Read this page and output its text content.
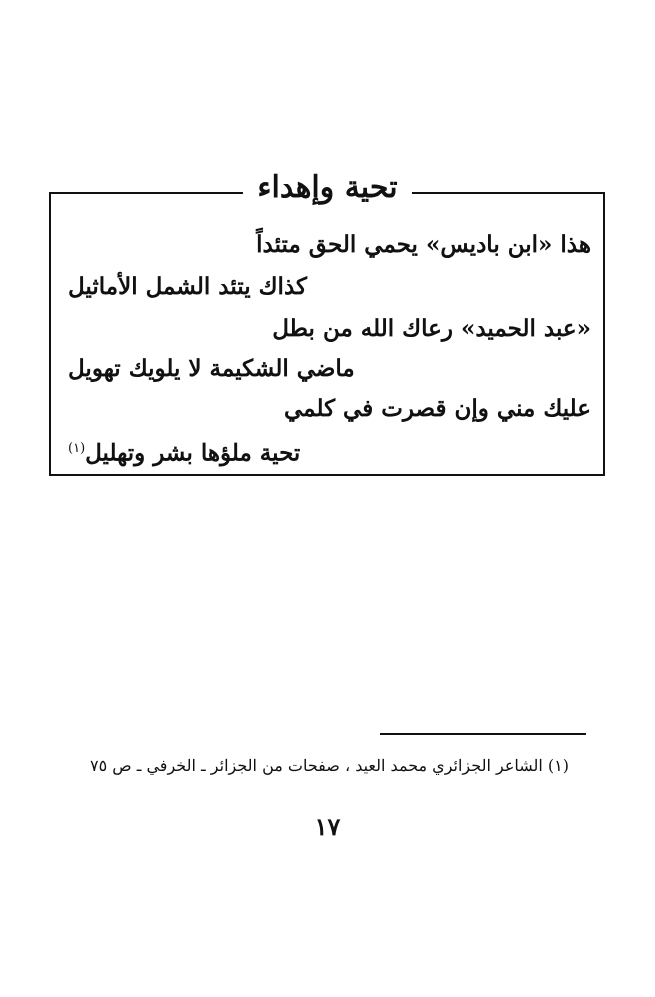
تحية وإهداء
هذا «ابن باديس» يحمي الحق متئداً
كذاك يتئد الشمل الأماثيل
«عبد الحميد» رعاك الله من بطل
ماضي الشكيمة لا يلويك تهويل
عليك مني وإن قصرت في كلمي
تحية ملؤها بشر وتهليل$^{(١)}$
(١) الشاعر الجزائري محمد العيد ، صفحات من الجزائر ـ الخرفي ـ ص ٧٥
١٧
